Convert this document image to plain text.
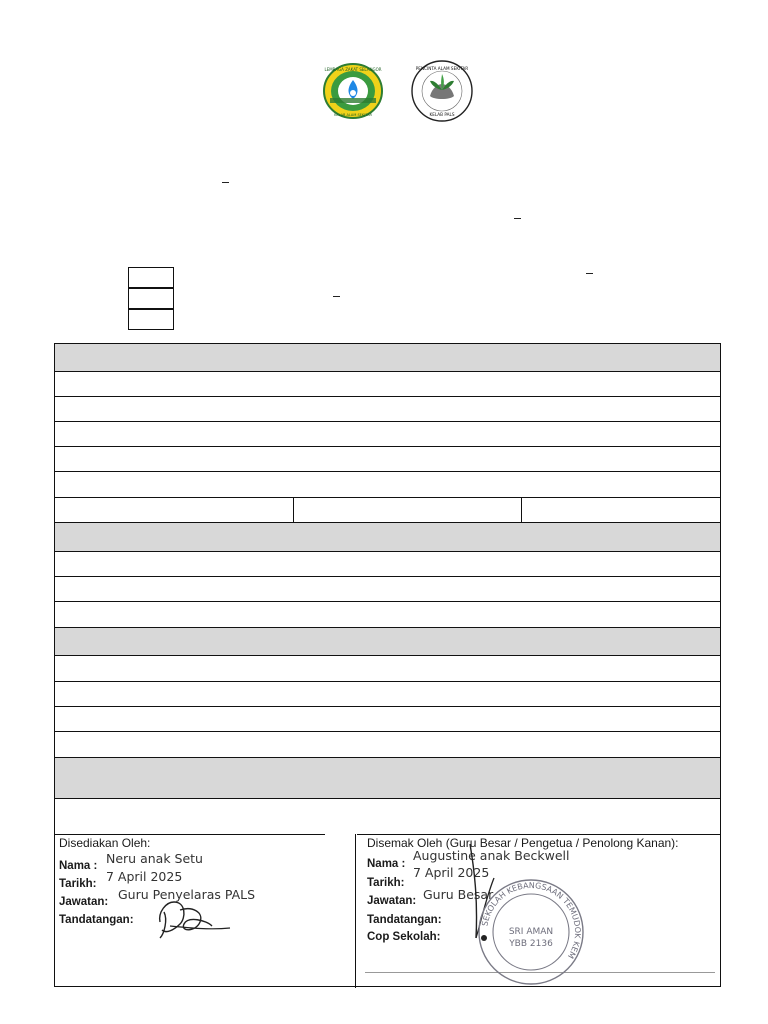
LEMBAGA ZAKAT SELANGOR
KELAB ALAM SEKITAR
PENCINTA ALAM SEKITAR
KELAB PALS
Disediakan Oleh:
Nama : Neru anak Setu
Tarikh: 7 April 2025
Jawatan: Guru Penyelaras PALS
Tandatangan:
Disemak Oleh (Guru Besar / Pengetua / Penolong Kanan):
Nama :
Augustine anak Beckwell
Tarikh:
7 April 2025
Jawatan: Guru Besar
Tandatangan:
Cop Sekolah:
SEKOLAH KEBANGSAAN TEMUDOK KEM
SRI AMAN
YBB 2136
